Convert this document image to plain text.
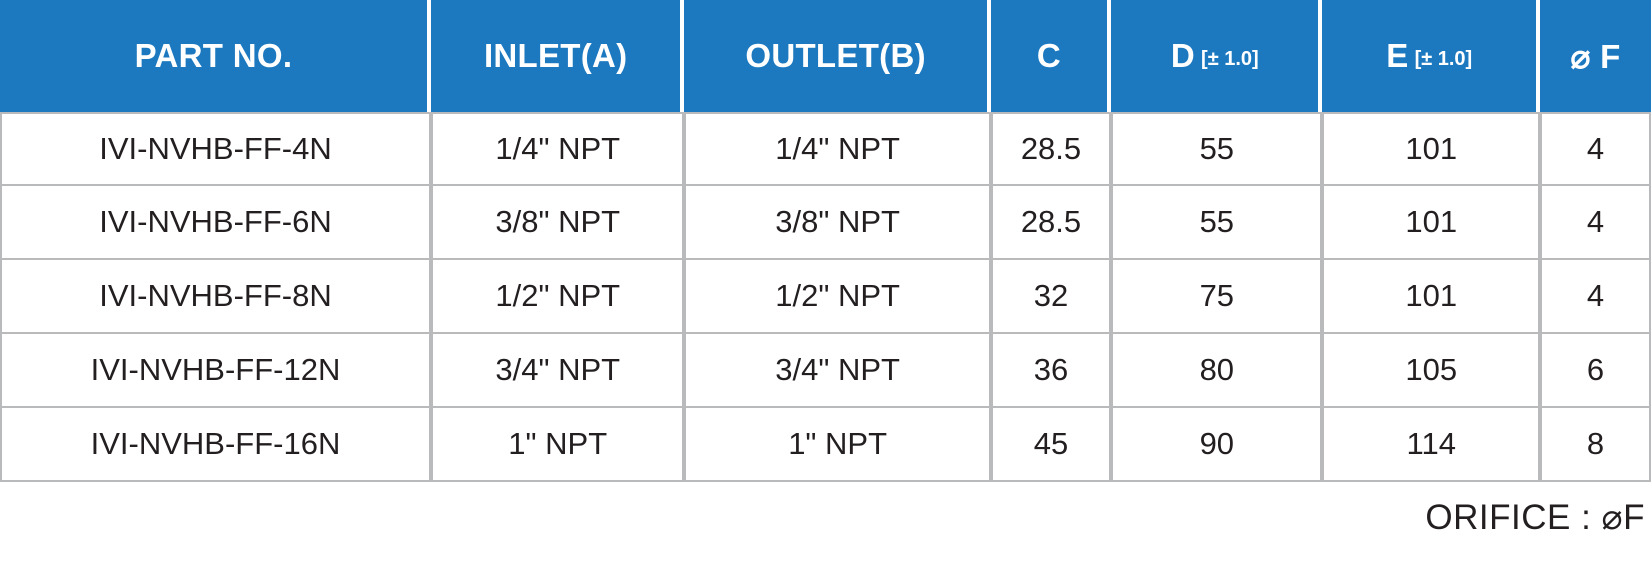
PART NO.	INLET(A)	OUTLET(B)	C	D [± 1.0]	E [± 1.0]	⌀ F
IVI-NVHB-FF-4N	1/4" NPT	1/4" NPT	28.5	55	101	4
IVI-NVHB-FF-6N	3/8" NPT	3/8" NPT	28.5	55	101	4
IVI-NVHB-FF-8N	1/2" NPT	1/2" NPT	32	75	101	4
IVI-NVHB-FF-12N	3/4" NPT	3/4" NPT	36	80	105	6
IVI-NVHB-FF-16N	1" NPT	1" NPT	45	90	114	8
ORIFICE : ⌀F
